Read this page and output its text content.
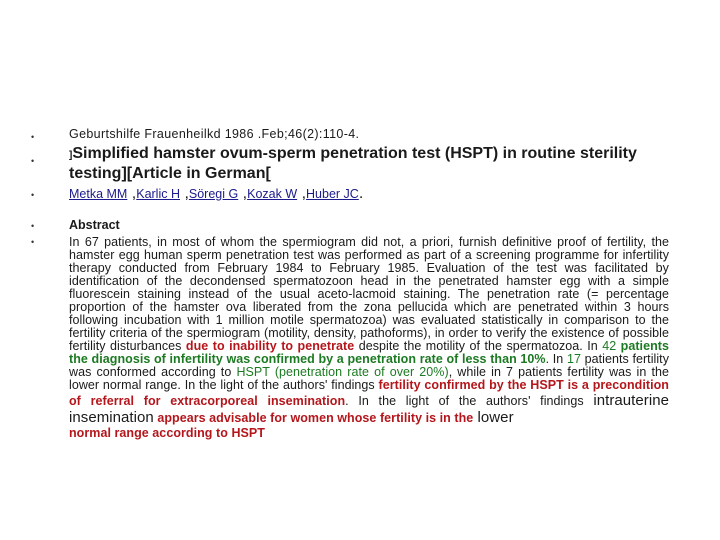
•
•
•
•
•
Geburtshilfe Frauenheilkd 1986 .Feb;46(2):110-4.
]Simplified hamster ovum-sperm penetration test (HSPT) in routine sterility testing][Article in German[
Metka MM ,Karlic H ,Söregi G ,Kozak W ,Huber JC.
Abstract
In 67 patients, in most of whom the spermiogram did not, a priori, furnish definitive proof of fertility, the hamster egg human sperm penetration test was performed as part of a screening programme for infertility therapy conducted from February 1984 to February 1985. Evaluation of the test was facilitated by identification of the decondensed spermatozoon head in the penetrated hamster egg with a simple fluorescein staining instead of the usual aceto-lacmoid staining. The penetration rate (= percentage proportion of the hamster ova liberated from the zona pellucida which are penetrated within 3 hours following incubation with 1 million motile spermatozoa) was evaluated statistically in comparison to the fertility criteria of the spermiogram (motility, density, pathoforms), in order to verify the existence of possible fertility disturbances due to inability to penetrate despite the motility of the spermatozoa. In 42 patients the diagnosis of infertility was confirmed by a penetration rate of less than 10%. In 17 patients fertility was conformed according to HSPT (penetration rate of over 20%), while in 7 patients fertility was in the lower normal range. In the light of the authors' findings fertility confirmed by the HSPT is a precondition of referral for extracorporeal insemination. In the light of the authors' findings intrauterine insemination appears advisable for women whose fertility is in the lower
normal range according to HSPT
